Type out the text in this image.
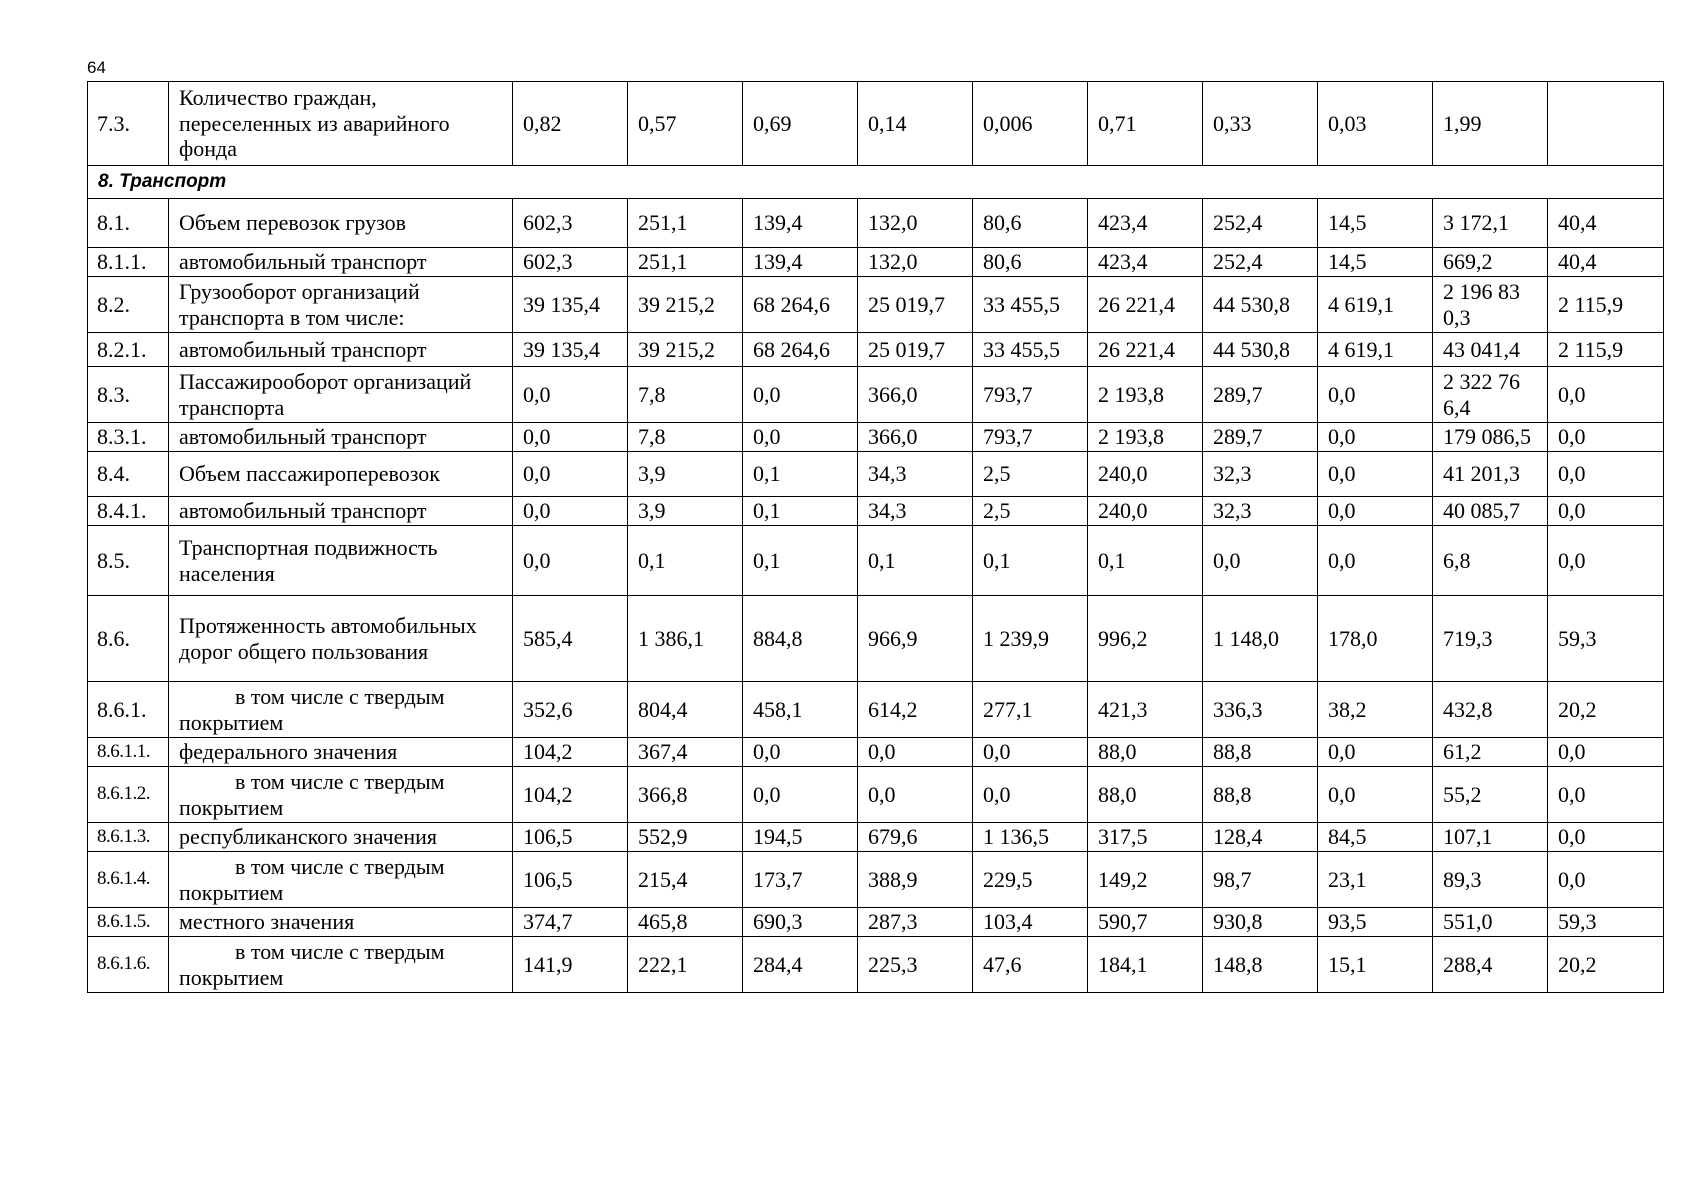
64
7.3.	Количество граждан, переселенных из аварийного фонда	0,82	0,57	0,69	0,14	0,006	0,71	0,33	0,03	1,99	
8. Транспорт											
8.1.	Объем перевозок грузов	602,3	251,1	139,4	132,0	80,6	423,4	252,4	14,5	3 172,1	40,4
8.1.1.	автомобильный транспорт	602,3	251,1	139,4	132,0	80,6	423,4	252,4	14,5	669,2	40,4
8.2.	Грузооборот организаций транспорта в том числе:	39 135,4	39 215,2	68 264,6	25 019,7	33 455,5	26 221,4	44 530,8	4 619,1	2 196 83 0,3	2 115,9
8.2.1.	автомобильный транспорт	39 135,4	39 215,2	68 264,6	25 019,7	33 455,5	26 221,4	44 530,8	4 619,1	43 041,4	2 115,9
8.3.	Пассажирооборот организаций транспорта	0,0	7,8	0,0	366,0	793,7	2 193,8	289,7	0,0	2 322 76 6,4	0,0
8.3.1.	автомобильный транспорт	0,0	7,8	0,0	366,0	793,7	2 193,8	289,7	0,0	179 086,5	0,0
8.4.	Объем пассажироперевозок	0,0	3,9	0,1	34,3	2,5	240,0	32,3	0,0	41 201,3	0,0
8.4.1.	автомобильный транспорт	0,0	3,9	0,1	34,3	2,5	240,0	32,3	0,0	40 085,7	0,0
8.5.	Транспортная подвижность населения	0,0	0,1	0,1	0,1	0,1	0,1	0,0	0,0	6,8	0,0
8.6.	Протяженность автомобильных дорог общего пользования	585,4	1 386,1	884,8	966,9	1 239,9	996,2	1 148,0	178,0	719,3	59,3
8.6.1.	в том числе с твердым покрытием	352,6	804,4	458,1	614,2	277,1	421,3	336,3	38,2	432,8	20,2
8.6.1.1.	федерального значения	104,2	367,4	0,0	0,0	0,0	88,0	88,8	0,0	61,2	0,0
8.6.1.2.	в том числе с твердым покрытием	104,2	366,8	0,0	0,0	0,0	88,0	88,8	0,0	55,2	0,0
8.6.1.3.	республиканского значения	106,5	552,9	194,5	679,6	1 136,5	317,5	128,4	84,5	107,1	0,0
8.6.1.4.	в том числе с твердым покрытием	106,5	215,4	173,7	388,9	229,5	149,2	98,7	23,1	89,3	0,0
8.6.1.5.	местного значения	374,7	465,8	690,3	287,3	103,4	590,7	930,8	93,5	551,0	59,3
8.6.1.6.	в том числе с твердым покрытием	141,9	222,1	284,4	225,3	47,6	184,1	148,8	15,1	288,4	20,2
